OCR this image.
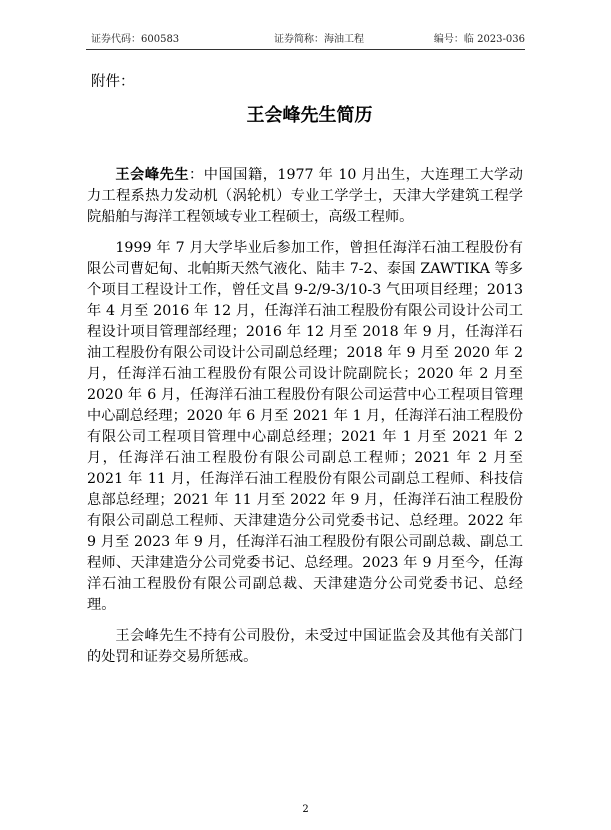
证券代码：600583	证券简称：海油工程	编号：临 2023-036
附件：
王会峰先生简历

王会峰先生：中国国籍，1977 年 10 月出生，大连理工大学动力工程系热力发动机（涡轮机）专业工学学士，天津大学建筑工程学院船舶与海洋工程领域专业工程硕士，高级工程师。

1999 年 7 月大学毕业后参加工作，曾担任海洋石油工程股份有限公司曹妃甸、北帕斯天然气液化、陆丰 7-2、泰国 ZAWTIKA 等多个项目工程设计工作，曾任文昌 9-2/9-3/10-3 气田项目经理；2013 年 4 月至 2016 年 12 月，任海洋石油工程股份有限公司设计公司工程设计项目管理部经理；2016 年 12 月至 2018 年 9 月，任海洋石油工程股份有限公司设计公司副总经理；2018 年 9 月至 2020 年 2 月，任海洋石油工程股份有限公司设计院副院长；2020 年 2 月至 2020 年 6 月，任海洋石油工程股份有限公司运营中心工程项目管理中心副总经理；2020 年 6 月至 2021 年 1 月，任海洋石油工程股份有限公司工程项目管理中心副总经理；2021 年 1 月至 2021 年 2 月，任海洋石油工程股份有限公司副总工程师；2021 年 2 月至 2021 年 11 月，任海洋石油工程股份有限公司副总工程师、科技信息部总经理；2021 年 11 月至 2022 年 9 月，任海洋石油工程股份有限公司副总工程师、天津建造分公司党委书记、总经理。2022 年 9 月至 2023 年 9 月，任海洋石油工程股份有限公司副总裁、副总工程师、天津建造分公司党委书记、总经理。2023 年 9 月至今，任海洋石油工程股份有限公司副总裁、天津建造分公司党委书记、总经理。

王会峰先生不持有公司股份，未受过中国证监会及其他有关部门的处罚和证券交易所惩戒。

2
